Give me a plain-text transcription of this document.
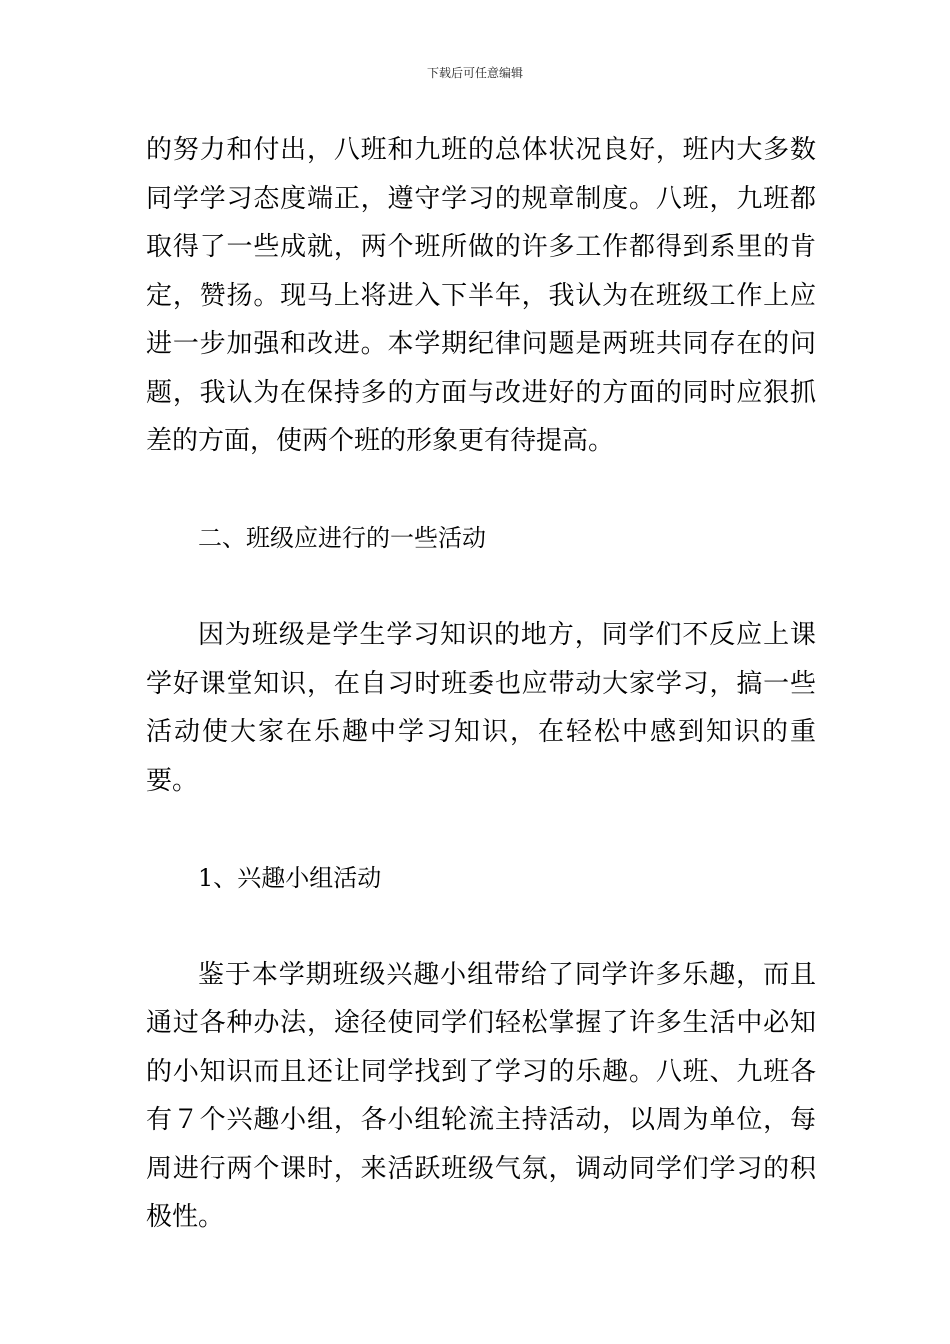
下载后可任意编辑

的努力和付出，八班和九班的总体状况良好，班内大多数同学学习态度端正，遵守学习的规章制度。八班，九班都取得了一些成就，两个班所做的许多工作都得到系里的肯定，赞扬。现马上将进入下半年，我认为在班级工作上应进一步加强和改进。本学期纪律问题是两班共同存在的问题，我认为在保持多的方面与改进好的方面的同时应狠抓差的方面，使两个班的形象更有待提高。

二、班级应进行的一些活动

因为班级是学生学习知识的地方，同学们不反应上课学好课堂知识，在自习时班委也应带动大家学习，搞一些活动使大家在乐趣中学习知识，在轻松中感到知识的重要。

1、兴趣小组活动

鉴于本学期班级兴趣小组带给了同学许多乐趣，而且通过各种办法，途径使同学们轻松掌握了许多生活中必知的小知识而且还让同学找到了学习的乐趣。八班、九班各有７个兴趣小组，各小组轮流主持活动，以周为单位，每周进行两个课时，来活跃班级气氛，调动同学们学习的积极性。
